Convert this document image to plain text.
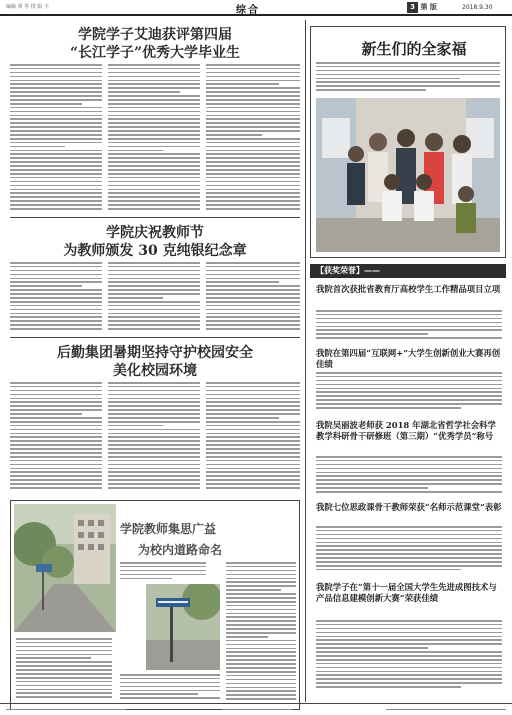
编辑 黄 等 排 版 字	综合	3 第 版	2018.9.30
学院学子艾迪获评第四届
“长江学子”优秀大学毕业生
学院庆祝教师节
为教师颁发 30 克纯银纪念章
后勤集团暑期坚持守护校园安全
美化校园环境
学院教师集思广益
为校内道路命名
新生们的全家福
【获奖荣誉】——
我院首次获批省教育厅高校学生工作精品项目立项
我院在第四届“互联网+”大学生创新创业大赛再创佳绩
我院吴丽波老师获 2018 年湖北省哲学社会科学教学科研骨干研修班（第三期）“优秀学员”称号
我院七位思政课骨干教师荣获“名师示范课堂”表彰
我院学子在“第十一届全国大学生先进成图技术与产品信息建模创新大赛”荣获佳绩
